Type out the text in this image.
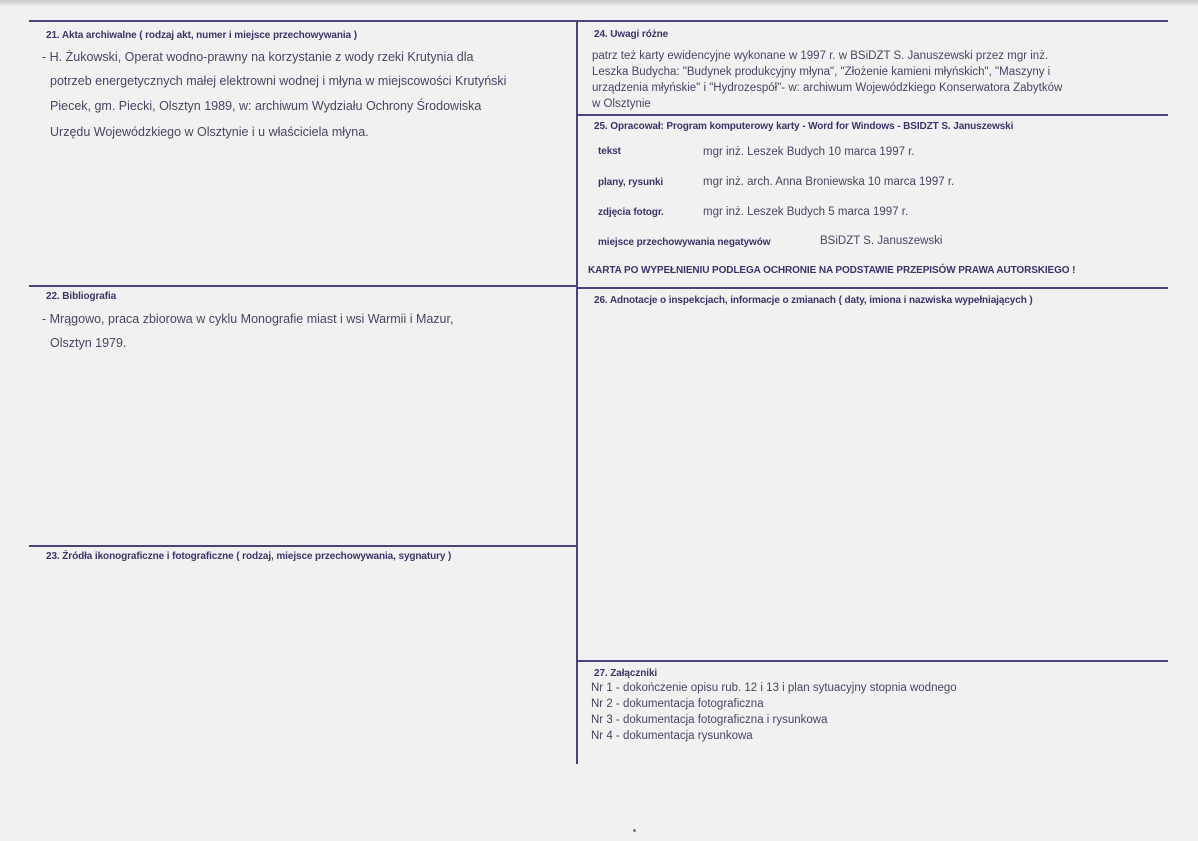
21. Akta archiwalne ( rodzaj akt, numer i miejsce przechowywania )
- H. Żukowski, Operat wodno-prawny na korzystanie z wody rzeki Krutynia dla
potrzeb energetycznych małej elektrowni wodnej i młyna w miejscowości Krutyński
Piecek, gm. Piecki, Olsztyn 1989, w: archiwum Wydziału Ochrony Środowiska
Urzędu Wojewódzkiego w Olsztynie i u właściciela młyna.
22. Bibliografia
- Mrągowo, praca zbiorowa w cyklu Monografie miast i wsi Warmii i Mazur,
Olsztyn 1979.
23. Źródła ikonograficzne i fotograficzne ( rodzaj, miejsce przechowywania, sygnatury )
24. Uwagi różne
patrz też karty ewidencyjne wykonane w 1997 r. w BSiDZT S. Januszewski przez mgr inż.
Leszka Budycha: "Budynek produkcyjny młyna", "Złożenie kamieni młyńskich", "Maszyny i
urządzenia młyńskie" i "Hydrozespół"- w: archiwum Wojewódzkiego Konserwatora Zabytków
w Olsztynie
25. Opracował: Program komputerowy karty - Word for Windows - BSIDZT S. Januszewski
tekst	mgr inż. Leszek Budych 10 marca 1997 r.
plany, rysunki	mgr inż. arch. Anna Broniewska 10 marca 1997 r.
zdjęcia fotogr.	mgr inż. Leszek Budych 5 marca 1997 r.
miejsce przechowywania negatywów	BSiDZT S. Januszewski
KARTA PO WYPEŁNIENIU PODLEGA OCHRONIE NA PODSTAWIE PRZEPISÓW PRAWA AUTORSKIEGO !
26. Adnotacje o inspekcjach, informacje o zmianach ( daty, imiona i nazwiska wypełniających )
27. Załączniki
Nr 1 - dokończenie opisu rub. 12 i 13 i plan sytuacyjny stopnia wodnego
Nr 2 - dokumentacja fotograficzna
Nr 3 - dokumentacja fotograficzna i rysunkowa
Nr 4 - dokumentacja rysunkowa
